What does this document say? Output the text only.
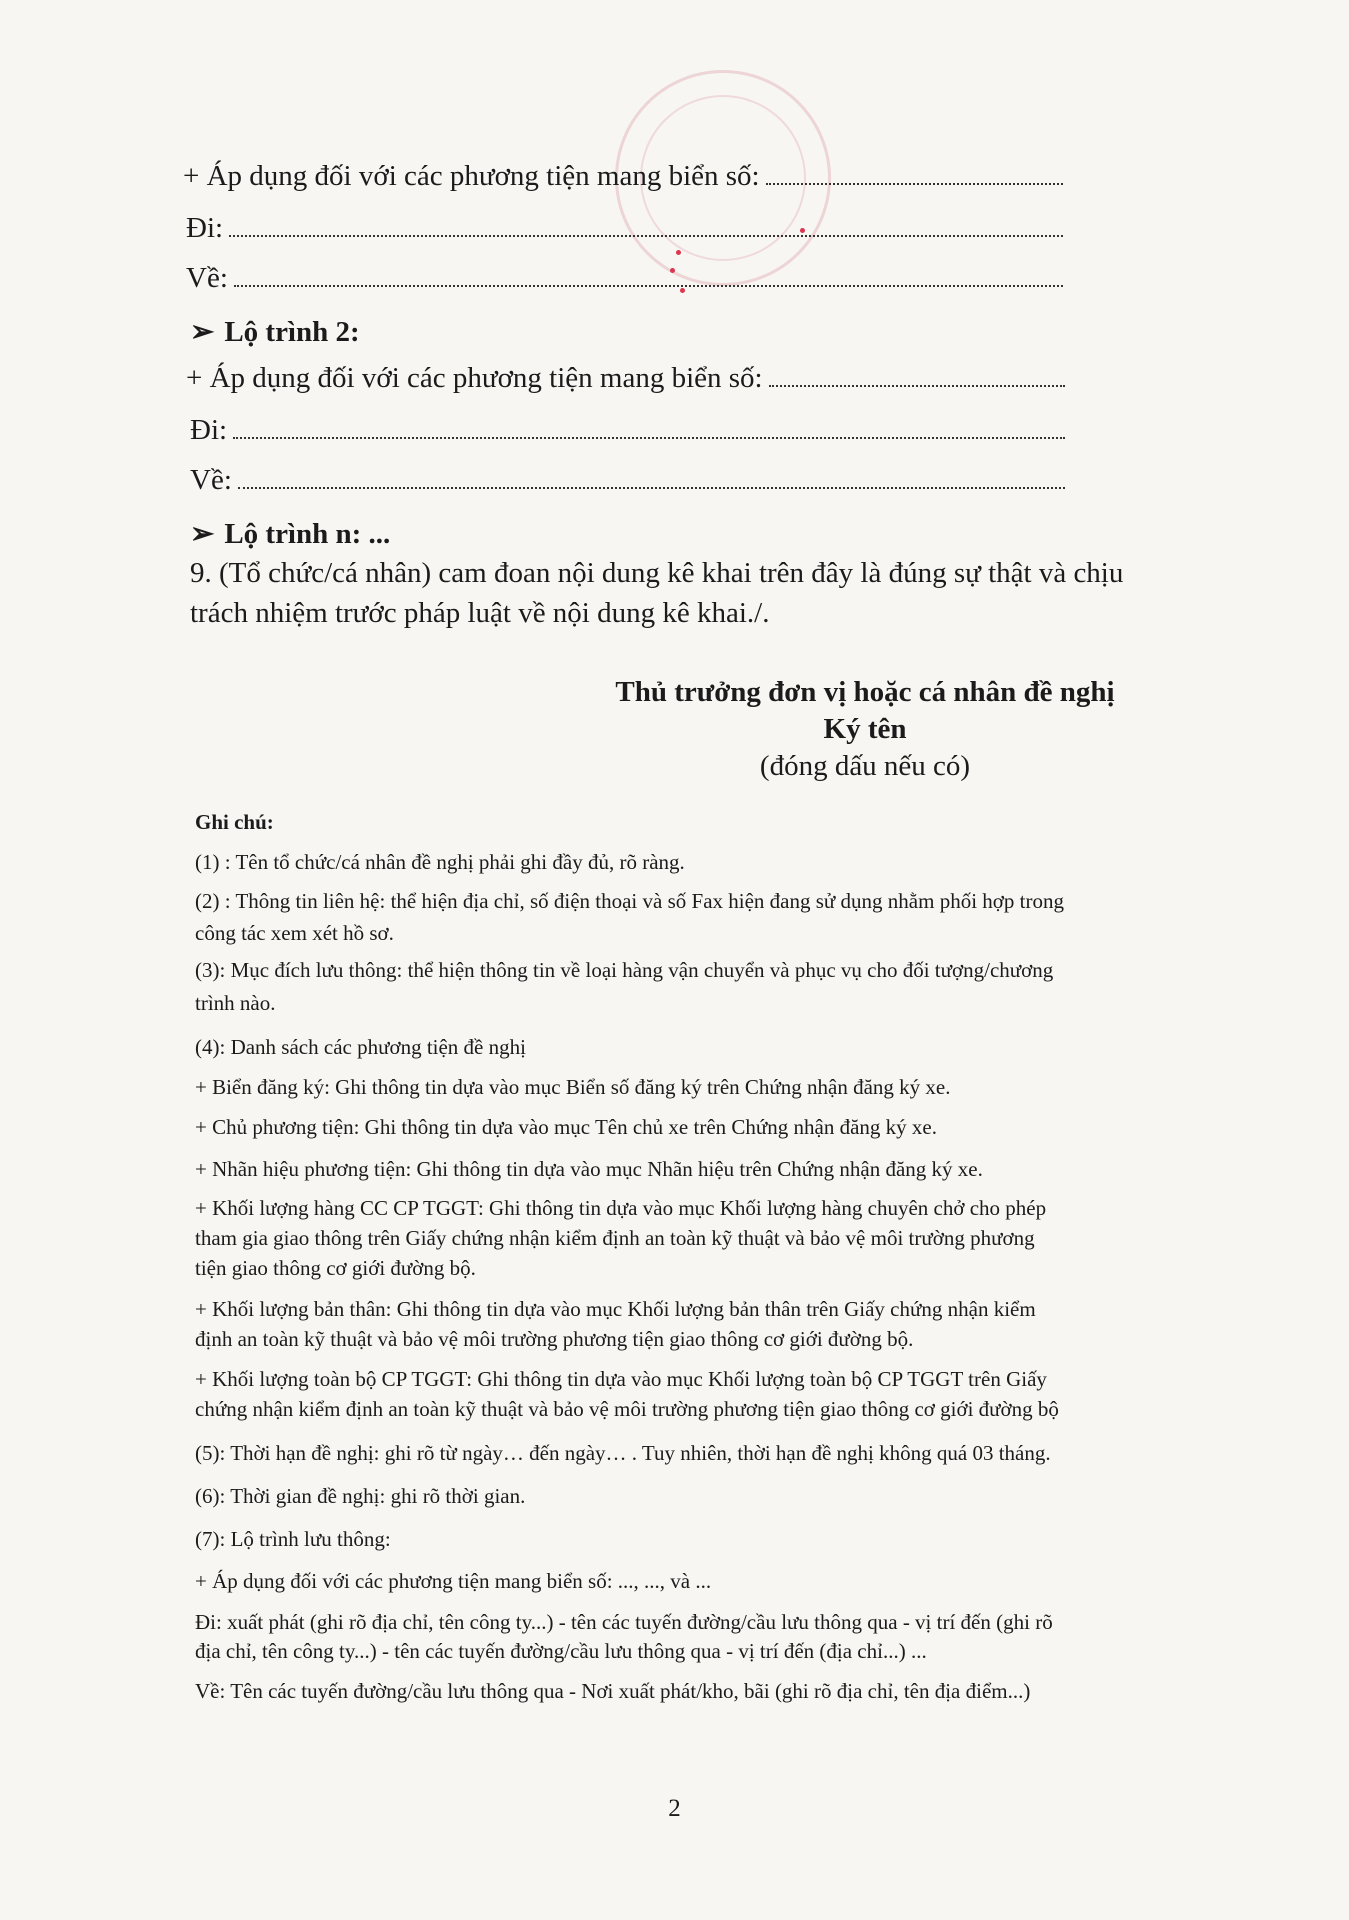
+ Áp dụng đối với các phương tiện mang biển số:
Đi:
Về:
➢ Lộ trình 2:
+ Áp dụng đối với các phương tiện mang biển số:
Đi:
Về:
➢ Lộ trình n: ...
9. (Tổ chức/cá nhân) cam đoan nội dung kê khai trên đây là đúng sự thật và chịu
trách nhiệm trước pháp luật về nội dung kê khai./.
Thủ trưởng đơn vị hoặc cá nhân đề nghị
Ký tên
(đóng dấu nếu có)
Ghi chú:
(1) : Tên tổ chức/cá nhân đề nghị phải ghi đầy đủ, rõ ràng.
(2) : Thông tin liên hệ: thể hiện địa chỉ, số điện thoại và số Fax hiện đang sử dụng nhằm phối hợp trong
công tác xem xét hồ sơ.
(3): Mục đích lưu thông: thể hiện thông tin về loại hàng vận chuyển và phục vụ cho đối tượng/chương
trình nào.
(4): Danh sách các phương tiện đề nghị
+ Biển đăng ký: Ghi thông tin dựa vào mục Biển số đăng ký trên Chứng nhận đăng ký xe.
+ Chủ phương tiện: Ghi thông tin dựa vào mục Tên chủ xe trên Chứng nhận đăng ký xe.
+ Nhãn hiệu phương tiện: Ghi thông tin dựa vào mục Nhãn hiệu trên Chứng nhận đăng ký xe.
+ Khối lượng hàng CC CP TGGT: Ghi thông tin dựa vào mục Khối lượng hàng chuyên chở cho phép
tham gia giao thông trên Giấy chứng nhận kiểm định an toàn kỹ thuật và bảo vệ môi trường phương
tiện giao thông cơ giới đường bộ.
+ Khối lượng bản thân: Ghi thông tin dựa vào mục Khối lượng bản thân trên Giấy chứng nhận kiểm
định an toàn kỹ thuật và bảo vệ môi trường phương tiện giao thông cơ giới đường bộ.
+ Khối lượng toàn bộ CP TGGT: Ghi thông tin dựa vào mục Khối lượng toàn bộ CP TGGT trên Giấy
chứng nhận kiểm định an toàn kỹ thuật và bảo vệ môi trường phương tiện giao thông cơ giới đường bộ
(5): Thời hạn đề nghị: ghi rõ từ ngày… đến ngày… . Tuy nhiên, thời hạn đề nghị không quá 03 tháng.
(6): Thời gian đề nghị: ghi rõ thời gian.
(7): Lộ trình lưu thông:
+ Áp dụng đối với các phương tiện mang biển số: ..., ..., và ...
Đi: xuất phát (ghi rõ địa chỉ, tên công ty...) - tên các tuyến đường/cầu lưu thông qua - vị trí đến (ghi rõ
địa chỉ, tên công ty...) - tên các tuyến đường/cầu lưu thông qua - vị trí đến (địa chỉ...) ...
Về: Tên các tuyến đường/cầu lưu thông qua - Nơi xuất phát/kho, bãi (ghi rõ địa chỉ, tên địa điểm...)
2
